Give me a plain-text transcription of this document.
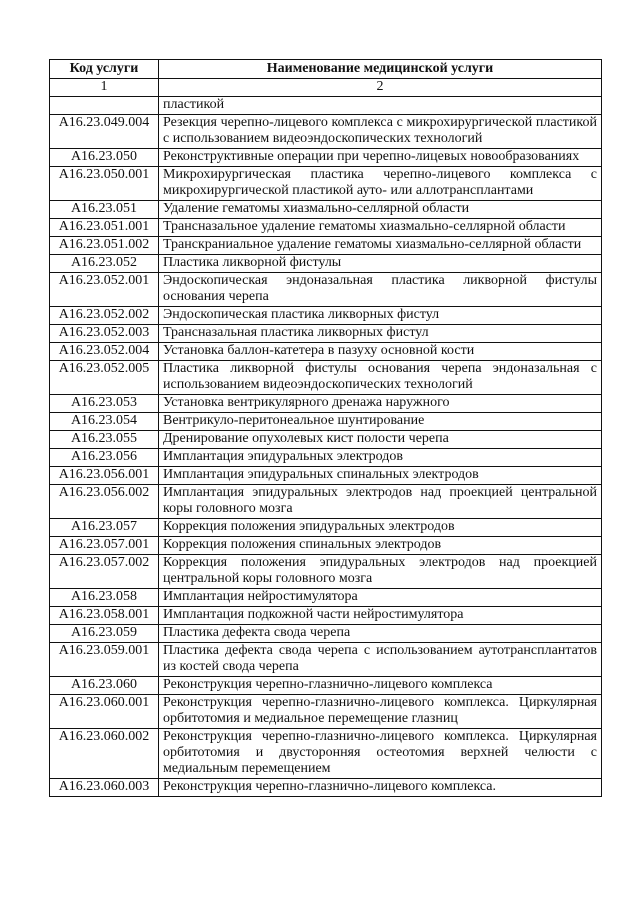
Код услуги	Наименование медицинской услуги
1	2
	пластикой
A16.23.049.004	Резекция черепно-лицевого комплекса с микрохирургической пластикой с использованием видеоэндоскопических технологий
A16.23.050	Реконструктивные операции при черепно-лицевых новообразованиях
A16.23.050.001	Микрохирургическая пластика черепно-лицевого комплекса с микрохирургической пластикой ауто- или аллотрансплантами
A16.23.051	Удаление гематомы хиазмально-селлярной области
A16.23.051.001	Трансназальное удаление гематомы хиазмально-селлярной области
A16.23.051.002	Транскраниальное удаление гематомы хиазмально-селлярной области
A16.23.052	Пластика ликворной фистулы
A16.23.052.001	Эндоскопическая эндоназальная пластика ликворной фистулы основания черепа
A16.23.052.002	Эндоскопическая пластика ликворных фистул
A16.23.052.003	Трансназальная пластика ликворных фистул
A16.23.052.004	Установка баллон-катетера в пазуху основной кости
A16.23.052.005	Пластика ликворной фистулы основания черепа эндоназальная с использованием видеоэндоскопических технологий
A16.23.053	Установка вентрикулярного дренажа наружного
A16.23.054	Вентрикуло-перитонеальное шунтирование
A16.23.055	Дренирование опухолевых кист полости черепа
A16.23.056	Имплантация эпидуральных электродов
A16.23.056.001	Имплантация эпидуральных спинальных электродов
A16.23.056.002	Имплантация эпидуральных электродов над проекцией центральной коры головного мозга
A16.23.057	Коррекция положения эпидуральных электродов
A16.23.057.001	Коррекция положения спинальных электродов
A16.23.057.002	Коррекция положения эпидуральных электродов над проекцией центральной коры головного мозга
A16.23.058	Имплантация нейростимулятора
A16.23.058.001	Имплантация подкожной части нейростимулятора
A16.23.059	Пластика дефекта свода черепа
A16.23.059.001	Пластика дефекта свода черепа с использованием аутотрансплантатов из костей свода черепа
A16.23.060	Реконструкция черепно-глазнично-лицевого комплекса
A16.23.060.001	Реконструкция черепно-глазнично-лицевого комплекса. Циркулярная орбитотомия и медиальное перемещение глазниц
A16.23.060.002	Реконструкция черепно-глазнично-лицевого комплекса. Циркулярная орбитотомия и двусторонняя остеотомия верхней челюсти с медиальным перемещением
A16.23.060.003	Реконструкция черепно-глазнично-лицевого комплекса.
